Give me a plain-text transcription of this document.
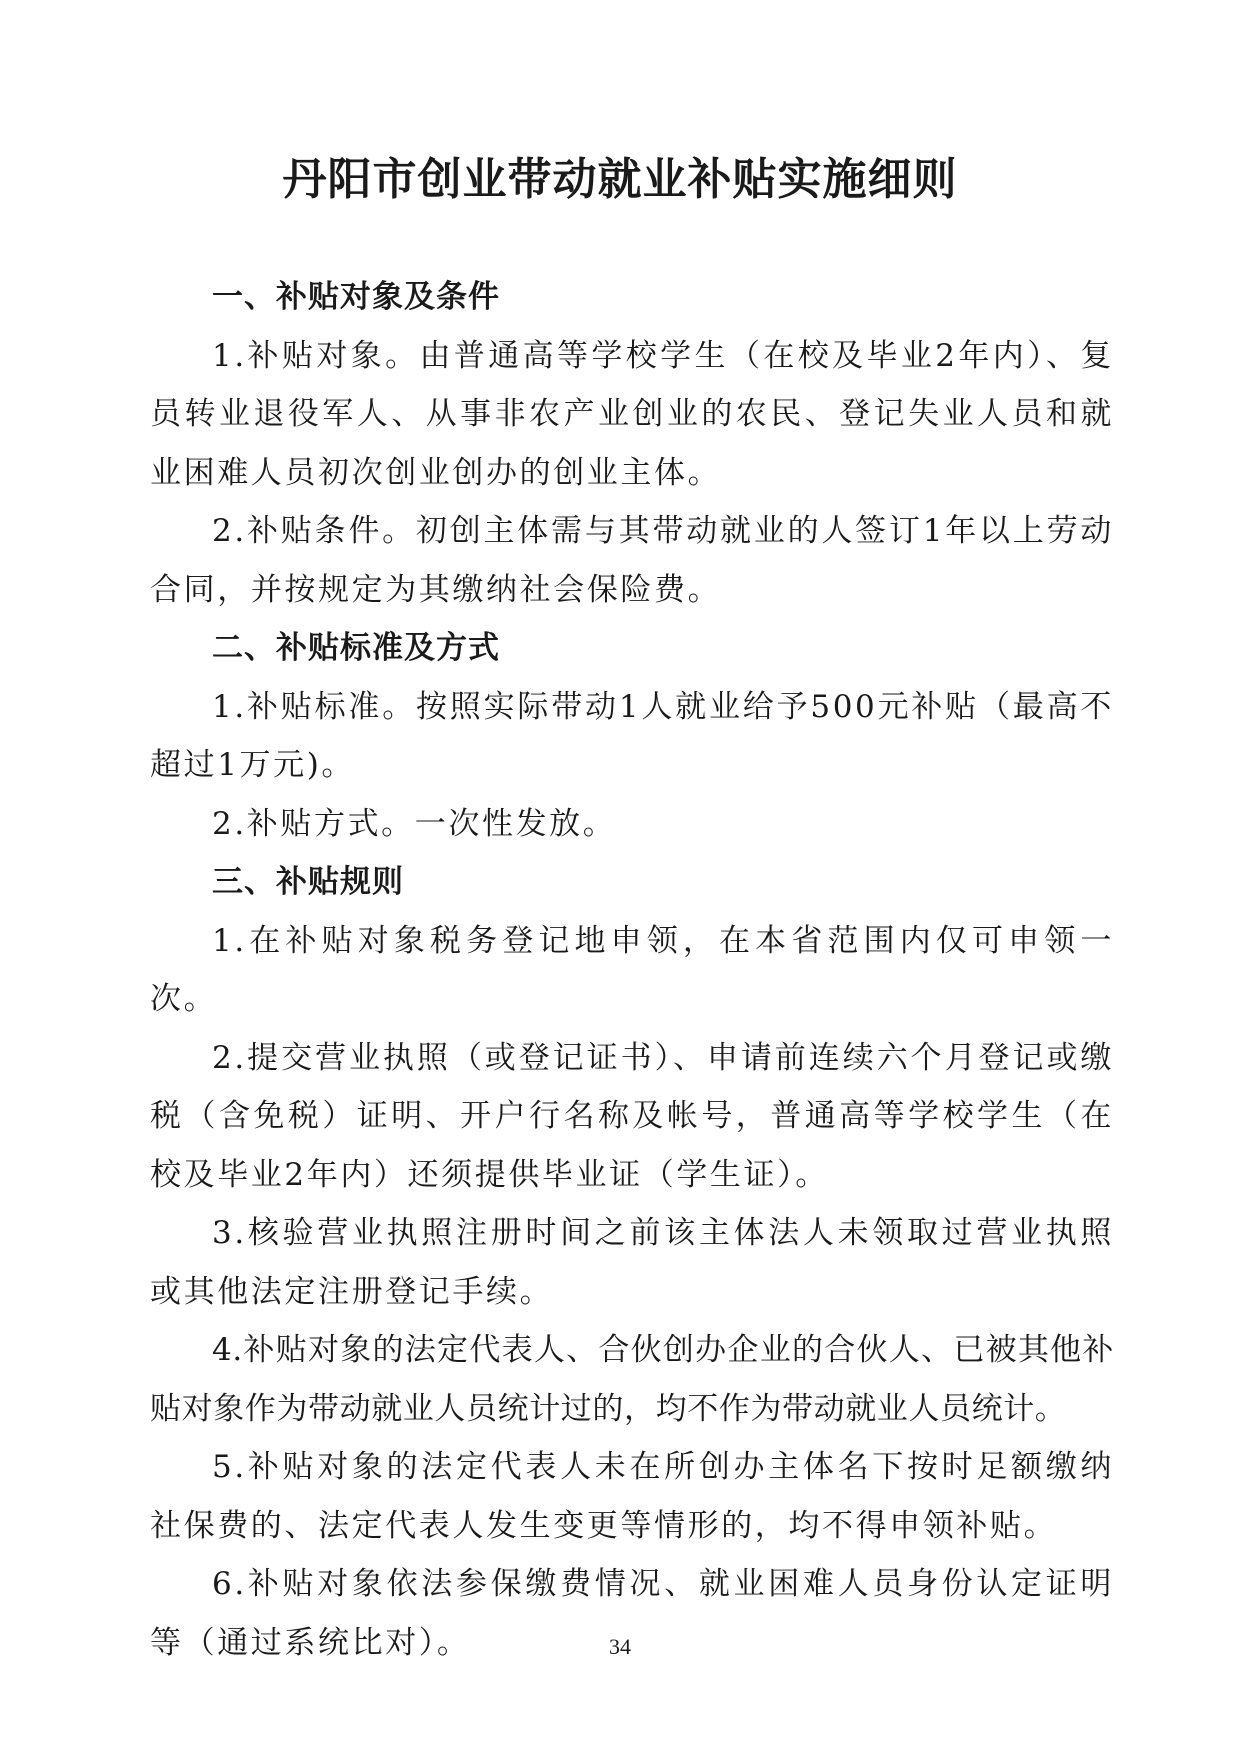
丹阳市创业带动就业补贴实施细则
一、补贴对象及条件

1.补贴对象。由普通高等学校学生（在校及毕业2年内）、复员转业退役军人、从事非农产业创业的农民、登记失业人员和就业困难人员初次创业创办的创业主体。

2.补贴条件。初创主体需与其带动就业的人签订1年以上劳动合同，并按规定为其缴纳社会保险费。

二、补贴标准及方式

1.补贴标准。按照实际带动1人就业给予500元补贴（最高不超过1万元)。

2.补贴方式。一次性发放。

三、补贴规则

1.在补贴对象税务登记地申领，在本省范围内仅可申领一次。

2.提交营业执照（或登记证书）、申请前连续六个月登记或缴税（含免税）证明、开户行名称及帐号，普通高等学校学生（在校及毕业2年内）还须提供毕业证（学生证）。

3.核验营业执照注册时间之前该主体法人未领取过营业执照或其他法定注册登记手续。

4.补贴对象的法定代表人、合伙创办企业的合伙人、已被其他补贴对象作为带动就业人员统计过的，均不作为带动就业人员统计。

5.补贴对象的法定代表人未在所创办主体名下按时足额缴纳社保费的、法定代表人发生变更等情形的，均不得申领补贴。

6.补贴对象依法参保缴费情况、就业困难人员身份认定证明等（通过系统比对）。	34
